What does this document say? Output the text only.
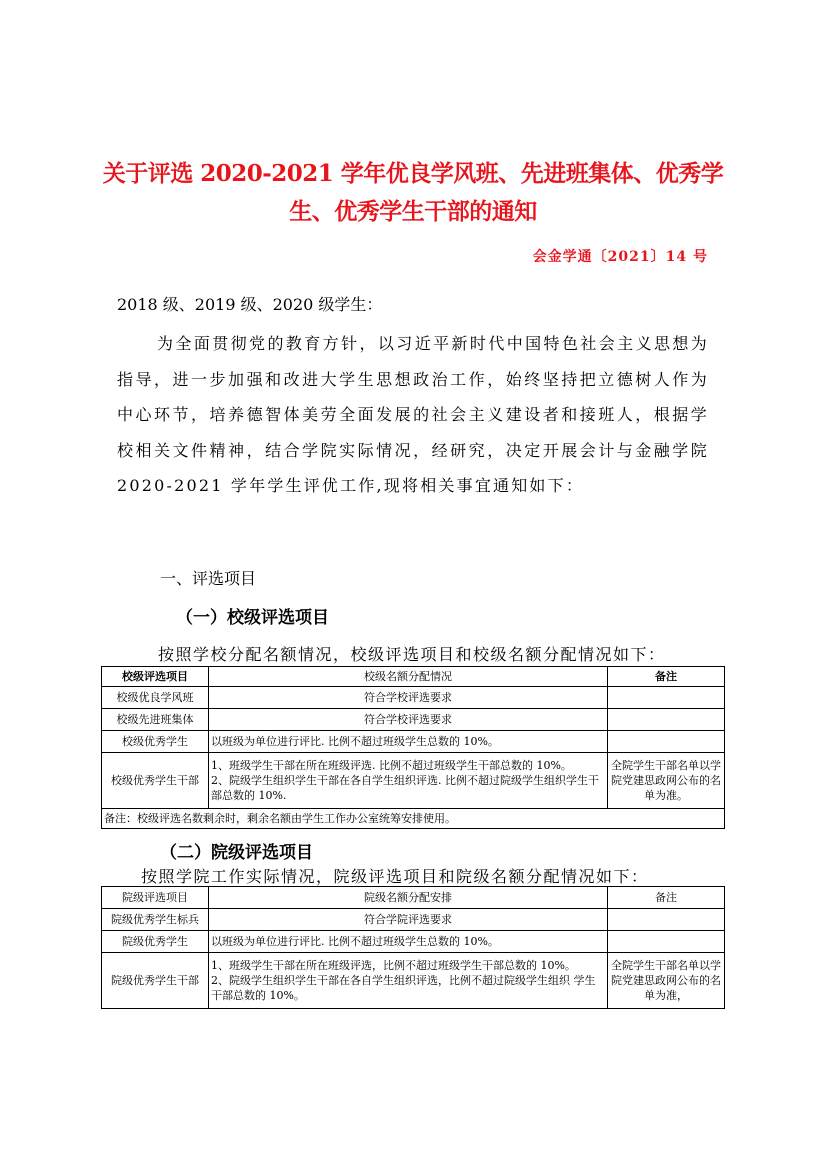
关于评选 2020-2021 学年优良学风班、先进班集体、优秀学
生、优秀学生干部的通知
会金学通〔2021〕14 号
2018 级、2019 级、2020 级学生：
为全面贯彻党的教育方针，以习近平新时代中国特色社会主义思想为指导，进一步加强和改进大学生思想政治工作，始终坚持把立德树人作为中心环节，培养德智体美劳全面发展的社会主义建设者和接班人，根据学校相关文件精神，结合学院实际情况，经研究，决定开展会计与金融学院 2020-2021 学年学生评优工作,现将相关事宜通知如下：
一、评选项目
（一）校级评选项目
按照学校分配名额情况，校级评选项目和校级名额分配情况如下：
校级评选项目	校级名额分配情况	备注
校级优良学风班	符合学校评选要求	
校级先进班集体	符合学校评选要求	
校级优秀学生	以班级为单位进行评比. 比例不超过班级学生总数的 10%。	
校级优秀学生干部	1、班级学生干部在所在班级评选. 比例不超过班级学生干部总数的 10%。
2、院级学生组织学生干部在各自学生组织评选. 比例不超过院级学生组织学生干部总数的 10%.	全院学生干部名单以学院党建思政网公布的名单为准。
备注：校级评选名数剩余时，剩余名额由学生工作办公室统筹安排使用。		
（二）院级评选项目
按照学院工作实际情况，院级评选项目和院级名额分配情况如下：
院级评选项目	院级名额分配安排	备注
院级优秀学生标兵	符合学院评选要求	
院级优秀学生	以班级为单位进行评比. 比例不超过班级学生总数的 10%。	
院级优秀学生干部	1、班级学生干部在所在班级评选，比例不超过班级学生干部总数的 10%。
2、院级学生组织学生干部在各自学生组织评选，比例不超过院级学生组织 学生干部总数的 10%。	全院学生干部名单以学院党建思政网公布的名单为准，
